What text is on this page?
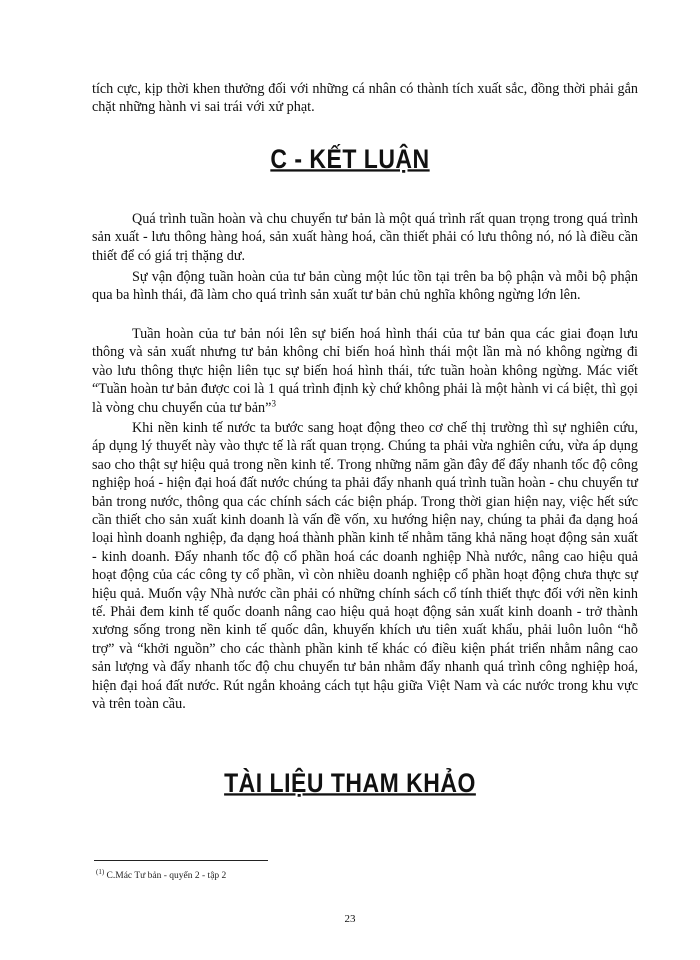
tích cực, kịp thời khen thưởng đối với những cá nhân có thành tích xuất sắc, đồng thời phải gắn chặt những hành vi sai trái với xử phạt.

C - KẾT LUẬN

Quá trình tuần hoàn và chu chuyển tư bản là một quá trình rất quan trọng trong quá trình sản xuất - lưu thông hàng hoá, sản xuất hàng hoá, cần thiết phải có lưu thông nó, nó là điều cần thiết để có giá trị thặng dư.

Sự vận động tuần hoàn của tư bản cùng một lúc tồn tại trên ba bộ phận và mỗi bộ phận qua ba hình thái, đã làm cho quá trình sản xuất tư bản chủ nghĩa không ngừng lớn lên.

Tuần hoàn của tư bản nói lên sự biến hoá hình thái của tư bản qua các giai đoạn lưu thông và sản xuất nhưng tư bản không chỉ biến hoá hình thái một lần mà nó không ngừng đi vào lưu thông thực hiện liên tục sự biến hoá hình thái, tức tuần hoàn không ngừng. Mác viết “Tuần hoàn tư bản được coi là 1 quá trình định kỳ chứ không phải là một hành vi cá biệt, thì gọi là vòng chu chuyển của tư bản”$^3$

Khi nền kinh tế nước ta bước sang hoạt động theo cơ chế thị trường thì sự nghiên cứu, áp dụng lý thuyết này vào thực tế là rất quan trọng. Chúng ta phải vừa nghiên cứu, vừa áp dụng sao cho thật sự hiệu quả trong nền kinh tế. Trong những năm gần đây để đẩy nhanh tốc độ công nghiệp hoá - hiện đại hoá đất nước chúng ta phải đẩy nhanh quá trình tuần hoàn - chu chuyển tư bản trong nước, thông qua các chính sách các biện pháp. Trong thời gian hiện nay, việc hết sức cần thiết cho sản xuất kinh doanh là vấn đề vốn, xu hướng hiện nay, chúng ta phải đa dạng hoá loại hình doanh nghiệp, đa dạng hoá thành phần kinh tế nhằm tăng khả năng hoạt động sản xuất - kinh doanh. Đẩy nhanh tốc độ cổ phần hoá các doanh nghiệp Nhà nước, nâng cao hiệu quả hoạt động của các công ty cổ phần, vì còn nhiều doanh nghiệp cổ phần hoạt động chưa thực sự hiệu quả. Muốn vậy Nhà nước cần phải có những chính sách cổ tính thiết thực đối với nền kinh tế. Phải đem kinh tế quốc doanh nâng cao hiệu quả hoạt động sản xuất kinh doanh - trở thành xương sống trong nền kinh tế quốc dân, khuyến khích ưu tiên xuất khẩu, phải luôn luôn “hỗ trợ” và “khởi nguồn” cho các thành phần kinh tế khác có điều kiện phát triển nhằm nâng cao sản lượng và đẩy nhanh tốc độ chu chuyển tư bản nhằm đẩy nhanh quá trình công nghiệp hoá, hiện đại hoá đất nước. Rút ngắn khoảng cách tụt hậu giữa Việt Nam và các nước trong khu vực và trên toàn cầu.

TÀI LIỆU THAM KHẢO
$^{(1)}$ C.Mác Tư bản - quyển 2 - tập 2
23
